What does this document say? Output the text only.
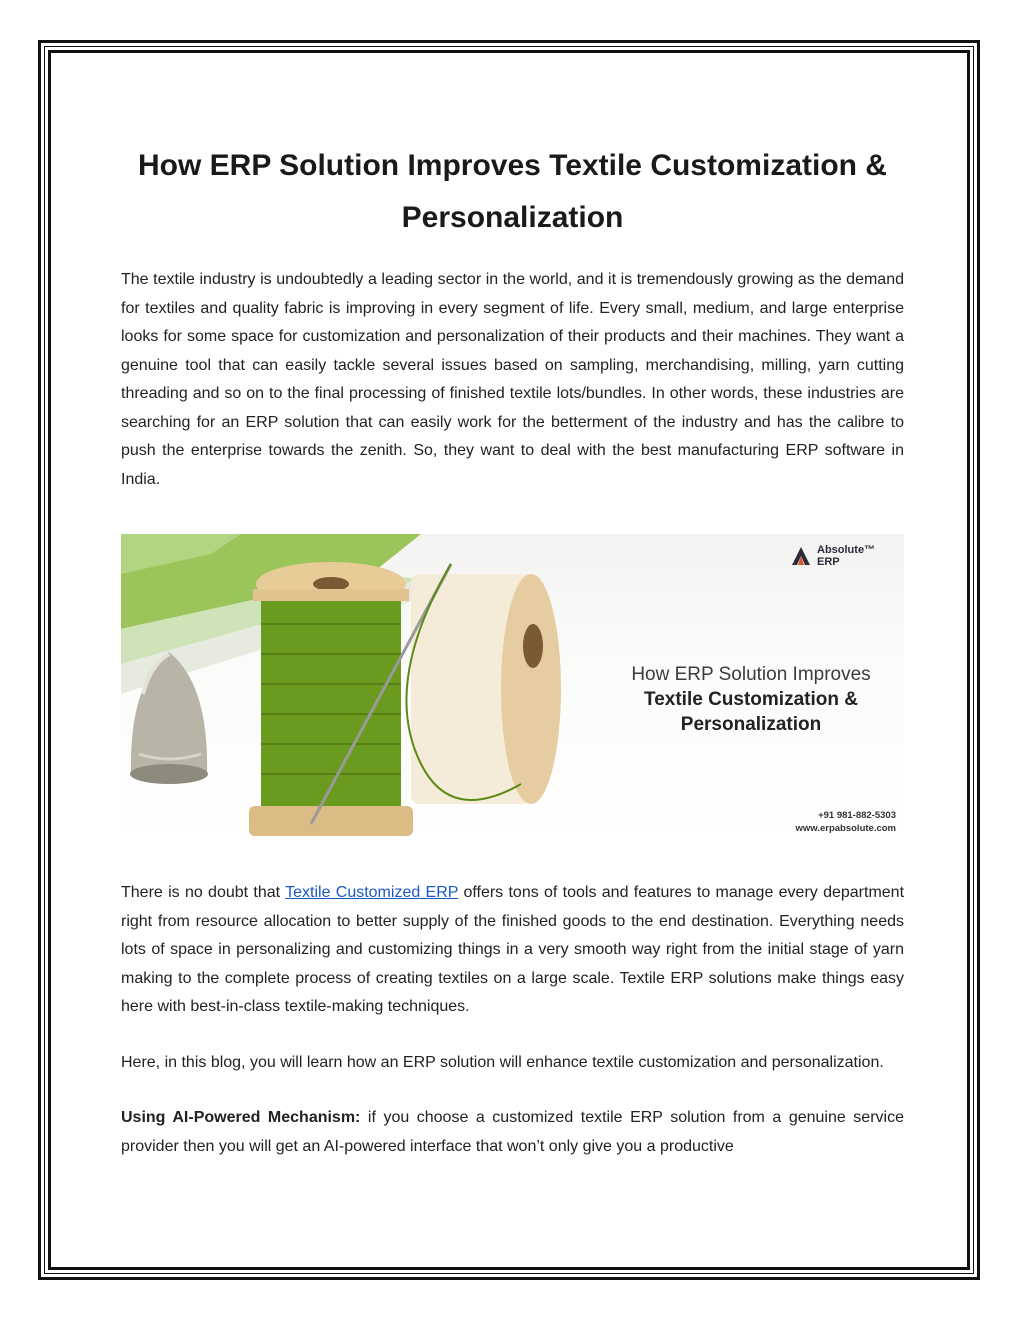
How ERP Solution Improves Textile Customization & Personalization

The textile industry is undoubtedly a leading sector in the world, and it is tremendously growing as the demand for textiles and quality fabric is improving in every segment of life. Every small, medium, and large enterprise looks for some space for customization and personalization of their products and their machines. They want a genuine tool that can easily tackle several issues based on sampling, merchandising, milling, yarn cutting threading and so on to the final processing of finished textile lots/bundles. In other words, these industries are searching for an ERP solution that can easily work for the betterment of the industry and has the calibre to push the enterprise towards the zenith. So, they want to deal with the best manufacturing ERP software in India.

Absolute™
ERP
How ERP Solution Improves
Textile Customization &
Personalization
+91 981-882-5303
www.erpabsolute.com

There is no doubt that Textile Customized ERP offers tons of tools and features to manage every department right from resource allocation to better supply of the finished goods to the end destination. Everything needs lots of space in personalizing and customizing things in a very smooth way right from the initial stage of yarn making to the complete process of creating textiles on a large scale. Textile ERP solutions make things easy here with best-in-class textile-making techniques.

Here, in this blog, you will learn how an ERP solution will enhance textile customization and personalization.

Using AI-Powered Mechanism: if you choose a customized textile ERP solution from a genuine service provider then you will get an AI-powered interface that won’t only give you a productive
